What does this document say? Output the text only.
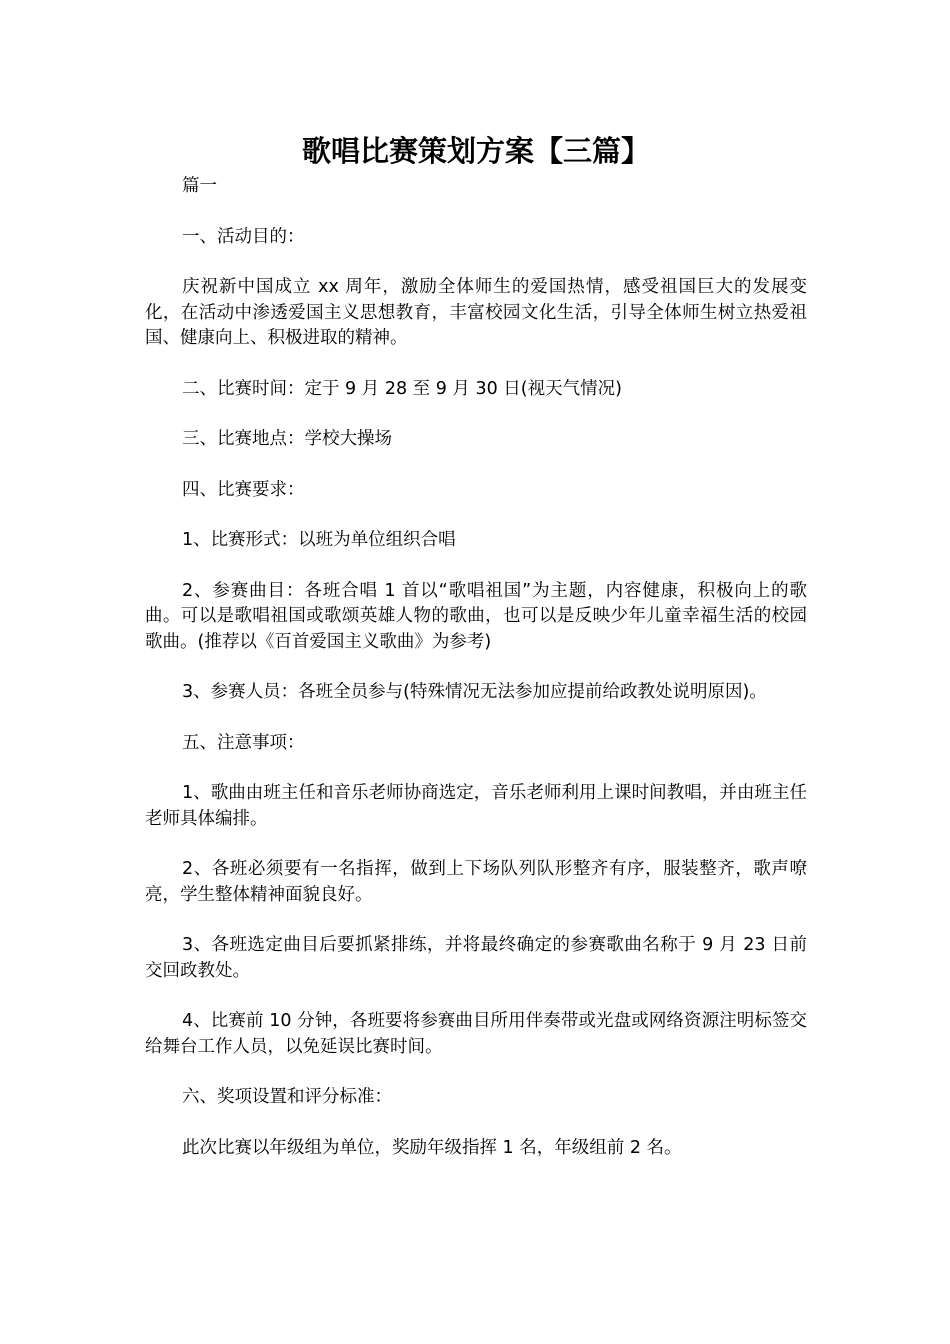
歌唱比赛策划方案【三篇】

篇一

一、活动目的：

庆祝新中国成立 xx 周年，激励全体师生的爱国热情，感受祖国巨大的发展变化，在活动中渗透爱国主义思想教育，丰富校园文化生活，引导全体师生树立热爱祖国、健康向上、积极进取的精神。

二、比赛时间：定于 9 月 28 至 9 月 30 日(视天气情况)

三、比赛地点：学校大操场

四、比赛要求：

1、比赛形式：以班为单位组织合唱

2、参赛曲目：各班合唱 1 首以“歌唱祖国”为主题，内容健康，积极向上的歌曲。可以是歌唱祖国或歌颂英雄人物的歌曲，也可以是反映少年儿童幸福生活的校园歌曲。(推荐以《百首爱国主义歌曲》为参考)

3、参赛人员：各班全员参与(特殊情况无法参加应提前给政教处说明原因)。

五、注意事项：

1、歌曲由班主任和音乐老师协商选定，音乐老师利用上课时间教唱，并由班主任老师具体编排。

2、各班必须要有一名指挥，做到上下场队列队形整齐有序，服装整齐，歌声嘹亮，学生整体精神面貌良好。

3、各班选定曲目后要抓紧排练，并将最终确定的参赛歌曲名称于 9 月 23 日前交回政教处。

4、比赛前 10 分钟，各班要将参赛曲目所用伴奏带或光盘或网络资源注明标签交给舞台工作人员，以免延误比赛时间。

六、奖项设置和评分标准：

此次比赛以年级组为单位，奖励年级指挥 1 名，年级组前 2 名。
